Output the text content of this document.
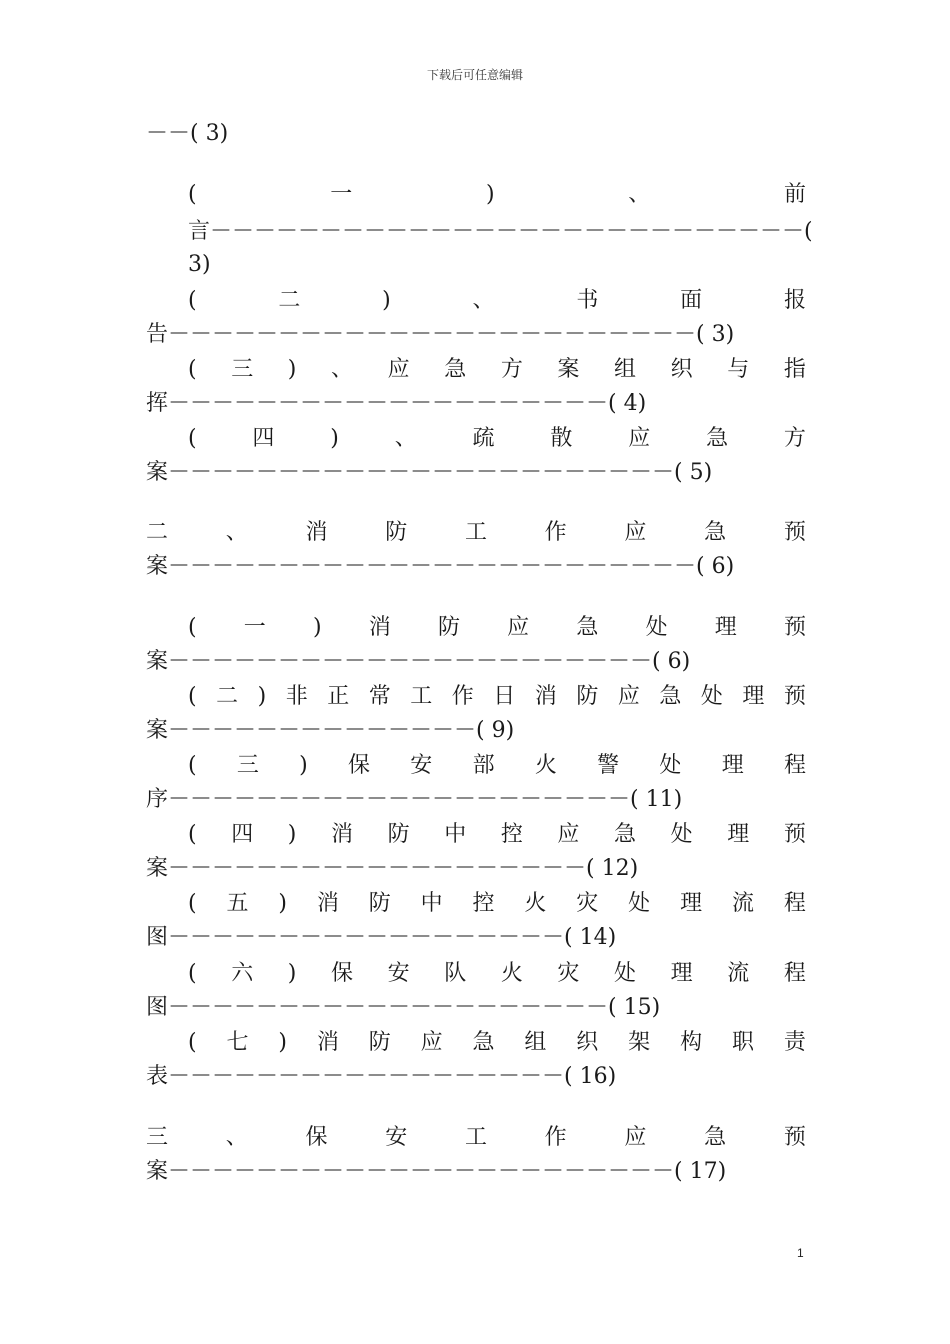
下载后可任意编辑
－－( 3)
(	一	)	、	前
言－－－－－－－－－－－－－－－－－－－－－－－－－－－(
3)
(	二	)	、	书	面	报
告－－－－－－－－－－－－－－－－－－－－－－－－( 3)
( 三 ) 、 应 急 方 案 组 织 与 指
挥－－－－－－－－－－－－－－－－－－－－( 4)
(	四	)	、	疏	散	应	急	方
案－－－－－－－－－－－－－－－－－－－－－－－( 5)
二	、	消	防	工	作	应	急	预
案－－－－－－－－－－－－－－－－－－－－－－－－( 6)
( 一 ) 消 防 应 急 处 理 预
案－－－－－－－－－－－－－－－－－－－－－－( 6)
( 二 ) 非 正 常 工 作 日 消 防 应 急 处 理 预
案－－－－－－－－－－－－－－( 9)
( 三 ) 保 安 部 火 警 处 理 程
序－－－－－－－－－－－－－－－－－－－－－( 11)
( 四 ) 消 防 中 控 应 急 处 理 预
案－－－－－－－－－－－－－－－－－－－( 12)
( 五 ) 消 防 中 控 火 灾 处 理 流 程
图－－－－－－－－－－－－－－－－－－( 14)
( 六 ) 保 安 队 火 灾 处 理 流 程
图－－－－－－－－－－－－－－－－－－－－( 15)
( 七 ) 消 防 应 急 组 织 架 构 职 责
表－－－－－－－－－－－－－－－－－－( 16)
三	、	保	安	工	作	应	急	预
案－－－－－－－－－－－－－－－－－－－－－－－( 17)
1
